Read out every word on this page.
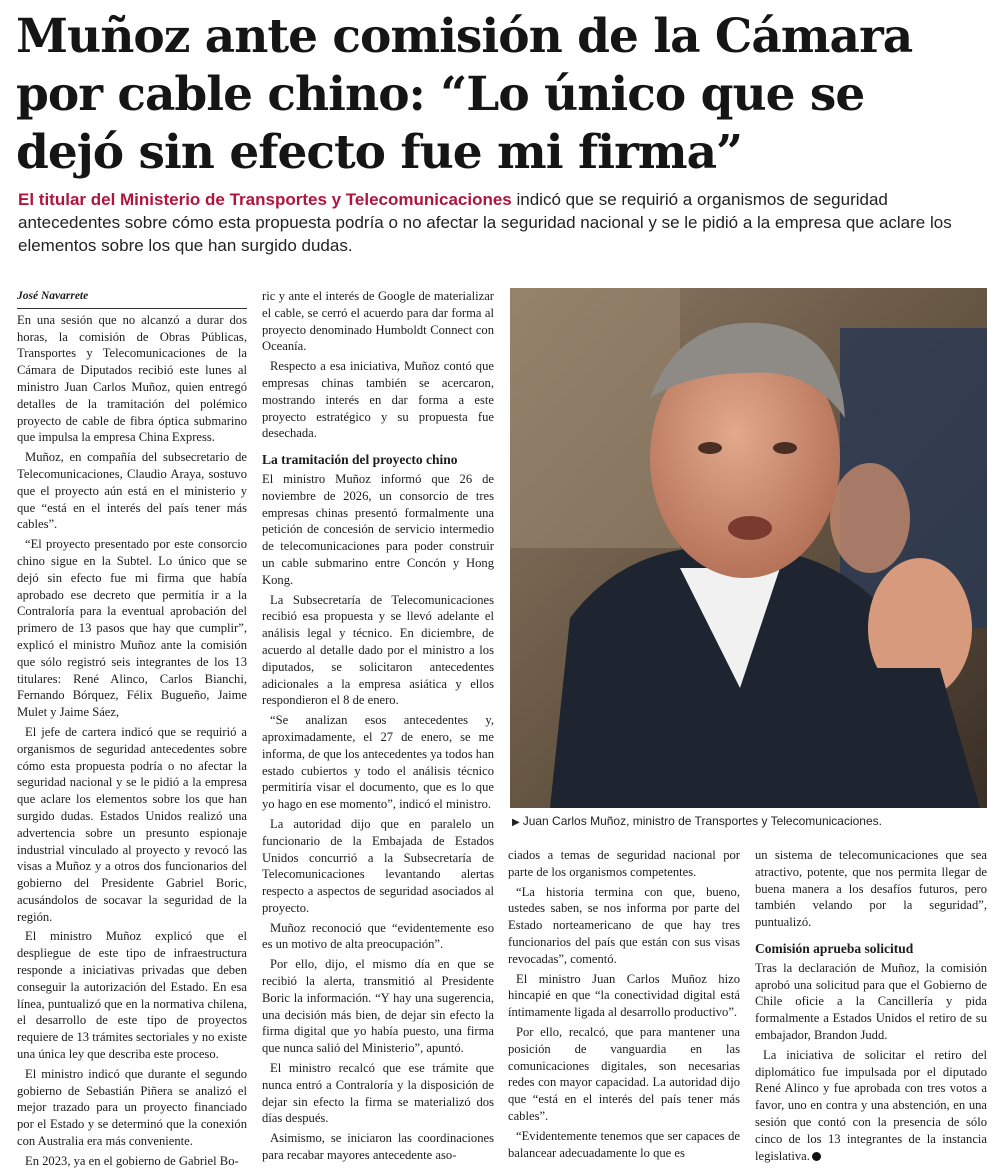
Muñoz ante comisión de la Cámara por cable chino: “Lo único que se dejó sin efecto fue mi firma”
El titular del Ministerio de Transportes y Telecomunicaciones indicó que se requirió a organismos de seguridad antecedentes sobre cómo esta propuesta podría o no afectar la seguridad nacional y se le pidió a la empresa que aclare los elementos sobre los que han surgido dudas.

José Navarrete

En una sesión que no alcanzó a durar dos horas, la comisión de Obras Públicas, Transportes y Telecomunicaciones de la Cámara de Diputados recibió este lunes al ministro Juan Carlos Muñoz, quien entregó detalles de la tramitación del polémico proyecto de cable de fibra óptica submarino que impulsa la empresa China Express.

Muñoz, en compañía del subsecretario de Telecomunicaciones, Claudio Araya, sostuvo que el proyecto aún está en el ministerio y que “está en el interés del país tener más cables”.

“El proyecto presentado por este consorcio chino sigue en la Subtel. Lo único que se dejó sin efecto fue mi firma que había aprobado ese decreto que permitía ir a la Contraloría para la eventual aprobación del primero de 13 pasos que hay que cumplir”, explicó el ministro Muñoz ante la comisión que sólo registró seis integrantes de los 13 titulares: René Alinco, Carlos Bianchi, Fernando Bórquez, Félix Bugueño, Jaime Mulet y Jaime Sáez,

El jefe de cartera indicó que se requirió a organismos de seguridad antecedentes sobre cómo esta propuesta podría o no afectar la seguridad nacional y se le pidió a la empresa que aclare los elementos sobre los que han surgido dudas. Estados Unidos realizó una advertencia sobre un presunto espionaje industrial vinculado al proyecto y revocó las visas a Muñoz y a otros dos funcionarios del gobierno del Presidente Gabriel Boric, acusándolos de socavar la seguridad de la región.

El ministro Muñoz explicó que el despliegue de este tipo de infraestructura responde a iniciativas privadas que deben conseguir la autorización del Estado. En esa línea, puntualizó que en la normativa chilena, el desarrollo de este tipo de proyectos requiere de 13 trámites sectoriales y no existe una única ley que describa este proceso.

El ministro indicó que durante el segundo gobierno de Sebastián Piñera se analizó el mejor trazado para un proyecto financiado por el Estado y se determinó que la conexión con Australia era más conveniente.

En 2023, ya en el gobierno de Gabriel Bo-

ric y ante el interés de Google de materializar el cable, se cerró el acuerdo para dar forma al proyecto denominado Humboldt Connect con Oceanía.

Respecto a esa iniciativa, Muñoz contó que empresas chinas también se acercaron, mostrando interés en dar forma a este proyecto estratégico y su propuesta fue desechada.

La tramitación del proyecto chino

El ministro Muñoz informó que 26 de noviembre de 2026, un consorcio de tres empresas chinas presentó formalmente una petición de concesión de servicio intermedio de telecomunicaciones para poder construir un cable submarino entre Concón y Hong Kong.

La Subsecretaría de Telecomunicaciones recibió esa propuesta y se llevó adelante el análisis legal y técnico. En diciembre, de acuerdo al detalle dado por el ministro a los diputados, se solicitaron antecedentes adicionales a la empresa asiática y ellos respondieron el 8 de enero.

“Se analizan esos antecedentes y, aproximadamente, el 27 de enero, se me informa, de que los antecedentes ya todos han estado cubiertos y todo el análisis técnico permitiría visar el documento, que es lo que yo hago en ese momento”, indicó el ministro.

La autoridad dijo que en paralelo un funcionario de la Embajada de Estados Unidos concurrió a la Subsecretaría de Telecomunicaciones levantando alertas respecto a aspectos de seguridad asociados al proyecto.

Muñoz reconoció que “evidentemente eso es un motivo de alta preocupación”.

Por ello, dijo, el mismo día en que se recibió la alerta, transmitió al Presidente Boric la información. “Y hay una sugerencia, una decisión más bien, de dejar sin efecto la firma digital que yo había puesto, una firma que nunca salió del Ministerio”, apuntó.

El ministro recalcó que ese trámite que nunca entró a Contraloría y la disposición de dejar sin efecto la firma se materializó dos días después.

Asimismo, se iniciaron las coordinaciones para recabar mayores antecedente aso-

▶ Juan Carlos Muñoz, ministro de Transportes y Telecomunicaciones.

ciados a temas de seguridad nacional por parte de los organismos competentes.

“La historia termina con que, bueno, ustedes saben, se nos informa por parte del Estado norteamericano de que hay tres funcionarios del país que están con sus visas revocadas”, comentó.

El ministro Juan Carlos Muñoz hizo hincapié en que “la conectividad digital está íntimamente ligada al desarrollo productivo”.

Por ello, recalcó, que para mantener una posición de vanguardia en las comunicaciones digitales, son necesarias redes con mayor capacidad. La autoridad dijo que “está en el interés del país tener más cables”.

“Evidentemente tenemos que ser capaces de balancear adecuadamente lo que es

un sistema de telecomunicaciones que sea atractivo, potente, que nos permita llegar de buena manera a los desafíos futuros, pero también velando por la seguridad”, puntualizó.

Comisión aprueba solicitud

Tras la declaración de Muñoz, la comisión aprobó una solicitud para que el Gobierno de Chile oficie a la Cancillería y pida formalmente a Estados Unidos el retiro de su embajador, Brandon Judd.

La iniciativa de solicitar el retiro del diplomático fue impulsada por el diputado René Alinco y fue aprobada con tres votos a favor, uno en contra y una abstención, en una sesión que contó con la presencia de sólo cinco de los 13 integrantes de la instancia legislativa.
